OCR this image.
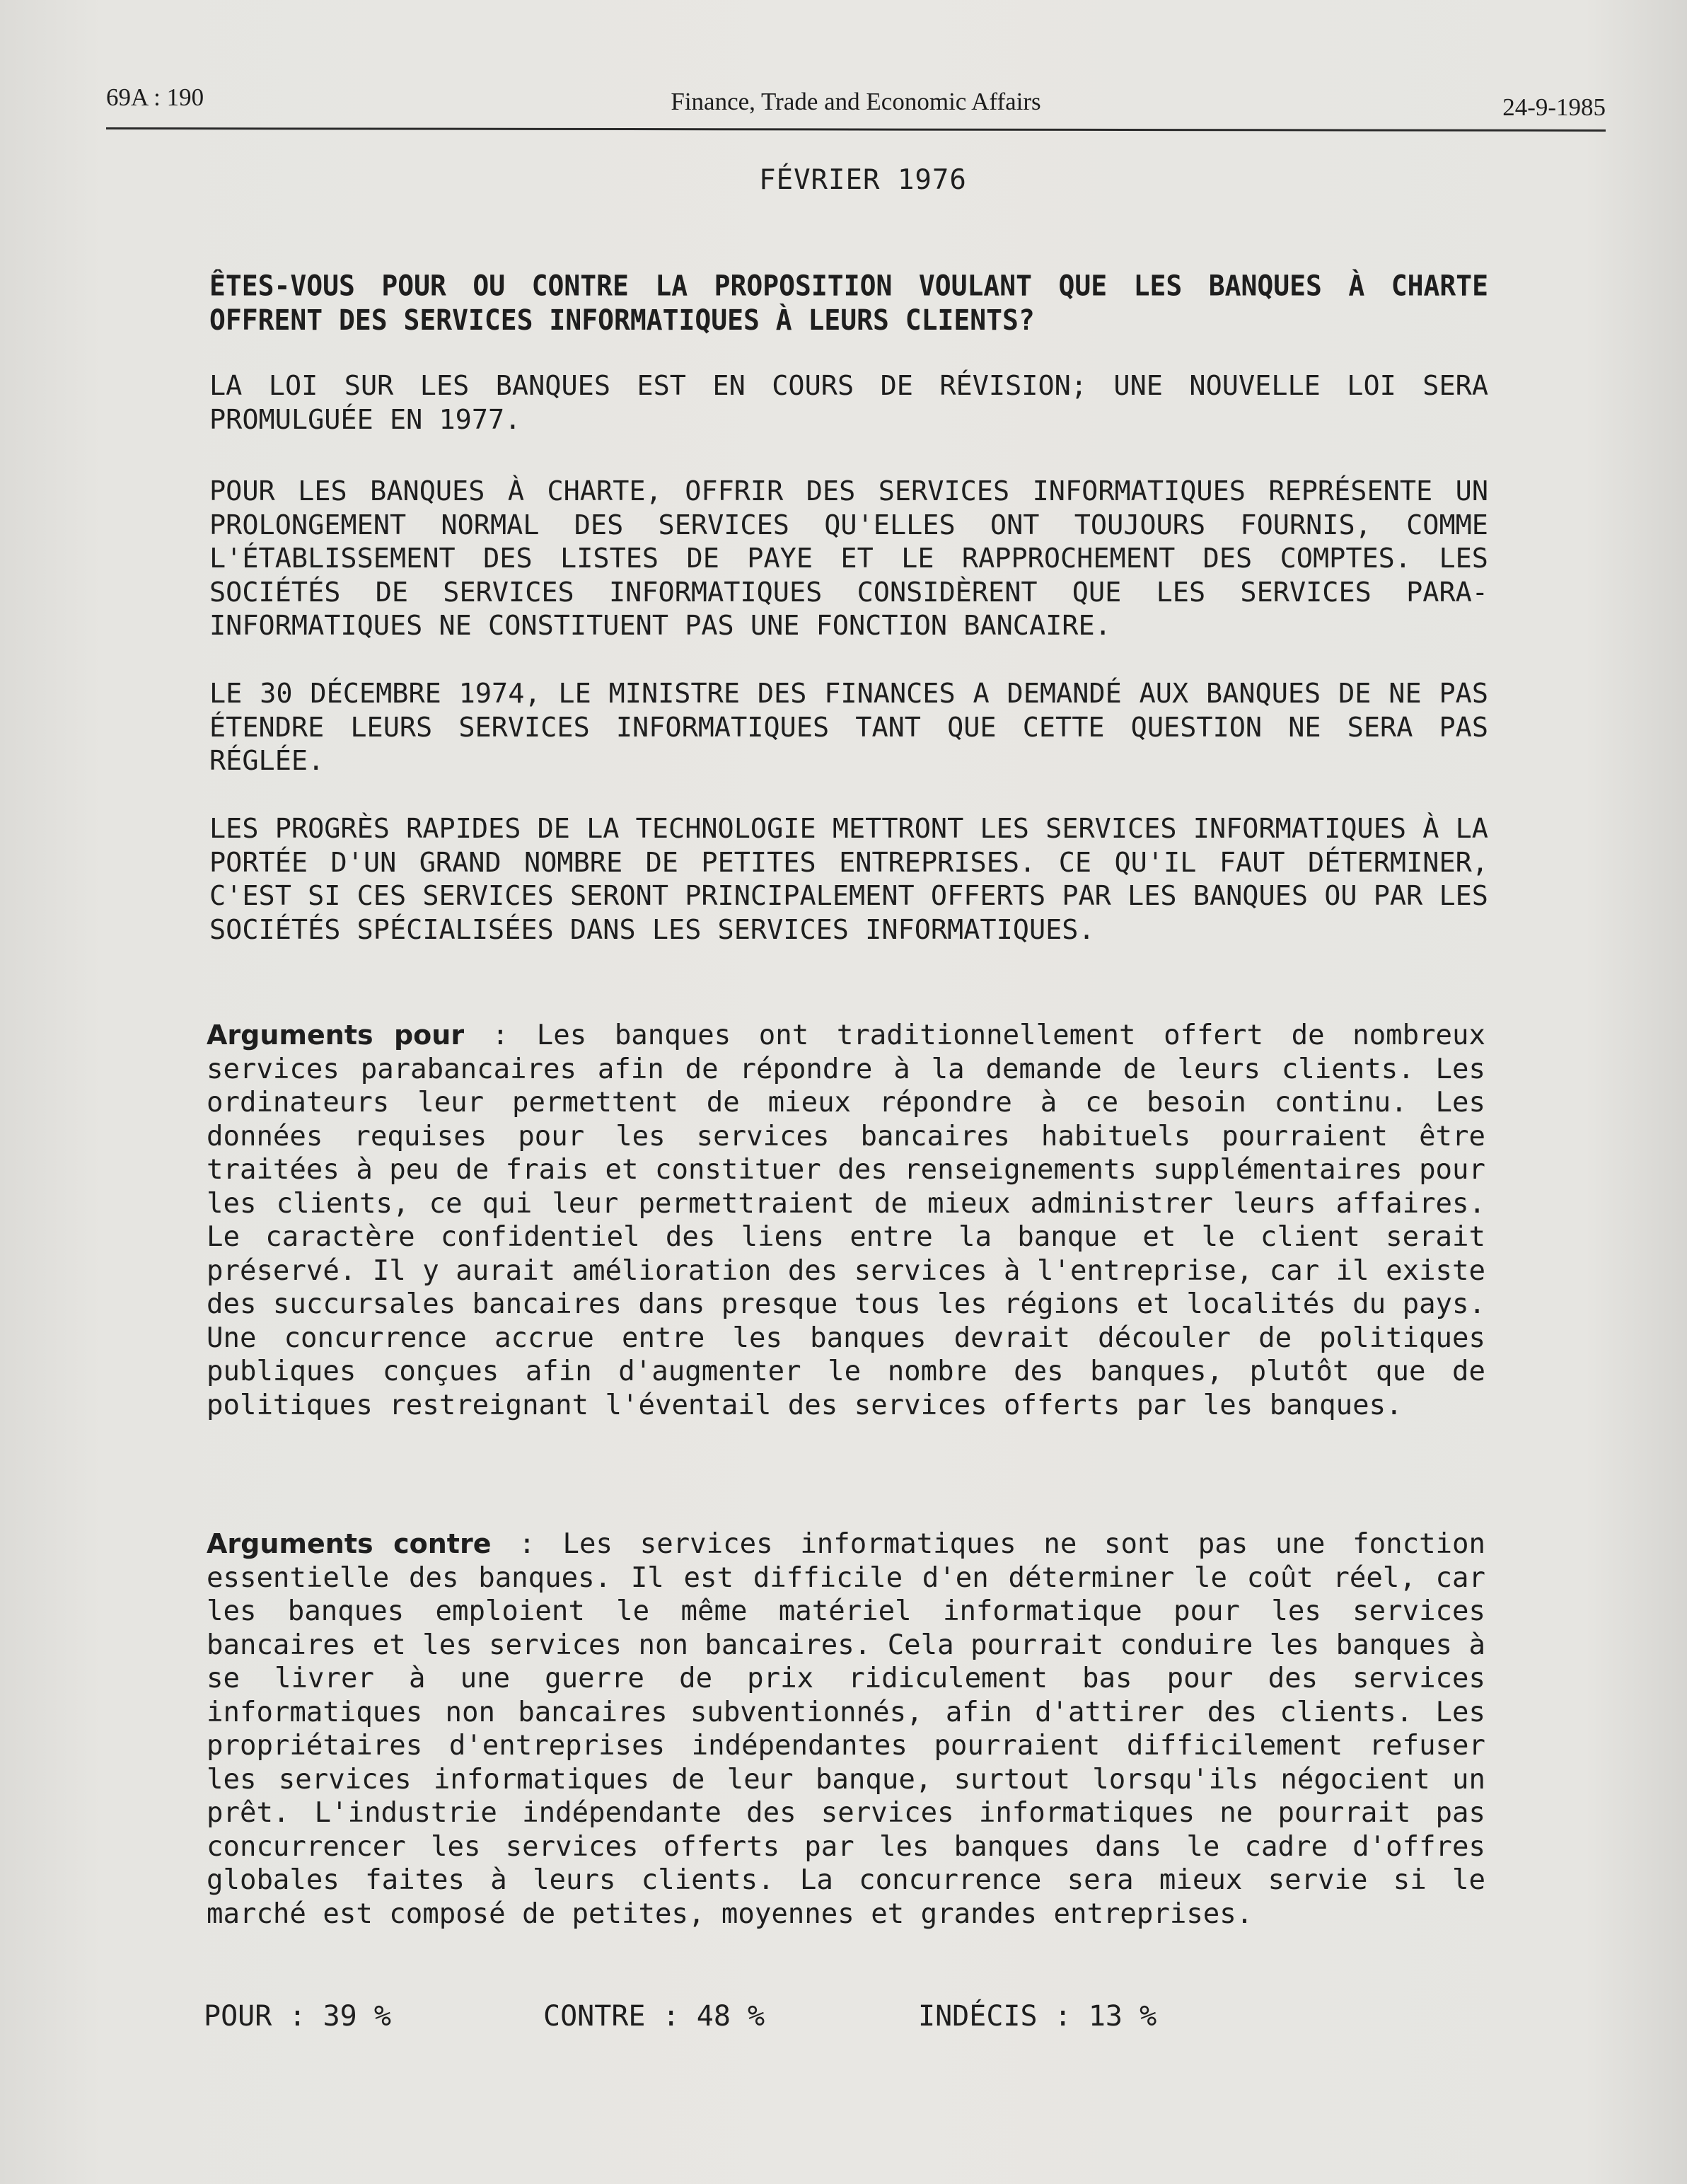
69A : 190	Finance, Trade and Economic Affairs	24-9-1985
FÉVRIER 1976
ÊTES-VOUS POUR OU CONTRE LA PROPOSITION VOULANT QUE LES BANQUES À CHARTE OFFRENT DES SERVICES INFORMATIQUES À LEURS CLIENTS?
LA LOI SUR LES BANQUES EST EN COURS DE RÉVISION; UNE NOUVELLE LOI SERA PROMULGUÉE EN 1977.
POUR LES BANQUES À CHARTE, OFFRIR DES SERVICES INFORMATIQUES REPRÉSENTE UN PROLONGEMENT NORMAL DES SERVICES QU'ELLES ONT TOUJOURS FOURNIS, COMME L'ÉTABLISSEMENT DES LISTES DE PAYE ET LE RAPPROCHEMENT DES COMPTES. LES SOCIÉTÉS DE SERVICES INFORMATIQUES CONSIDÈRENT QUE LES SERVICES PARA-INFORMATIQUES NE CONSTITUENT PAS UNE FONCTION BANCAIRE.
LE 30 DÉCEMBRE 1974, LE MINISTRE DES FINANCES A DEMANDÉ AUX BANQUES DE NE PAS ÉTENDRE LEURS SERVICES INFORMATIQUES TANT QUE CETTE QUESTION NE SERA PAS RÉGLÉE.
LES PROGRÈS RAPIDES DE LA TECHNOLOGIE METTRONT LES SERVICES INFORMATIQUES À LA PORTÉE D'UN GRAND NOMBRE DE PETITES ENTREPRISES. CE QU'IL FAUT DÉTERMINER, C'EST SI CES SERVICES SERONT PRINCIPALEMENT OFFERTS PAR LES BANQUES OU PAR LES SOCIÉTÉS SPÉCIALISÉES DANS LES SERVICES INFORMATIQUES.
Arguments pour : Les banques ont traditionnellement offert de nombreux services parabancaires afin de répondre à la demande de leurs clients. Les ordinateurs leur permettent de mieux répondre à ce besoin continu. Les données requises pour les services bancaires habituels pourraient être traitées à peu de frais et constituer des renseignements supplémentaires pour les clients, ce qui leur permettraient de mieux administrer leurs affaires. Le caractère confidentiel des liens entre la banque et le client serait préservé. Il y aurait amélioration des services à l'entreprise, car il existe des succursales bancaires dans presque tous les régions et localités du pays. Une concurrence accrue entre les banques devrait découler de politiques publiques conçues afin d'augmenter le nombre des banques, plutôt que de politiques restreignant l'éventail des services offerts par les banques.
Arguments contre : Les services informatiques ne sont pas une fonction essentielle des banques. Il est difficile d'en déterminer le coût réel, car les banques emploient le même matériel informatique pour les services bancaires et les services non bancaires. Cela pourrait conduire les banques à se livrer à une guerre de prix ridiculement bas pour des services informatiques non bancaires subventionnés, afin d'attirer des clients. Les propriétaires d'entreprises indépendantes pourraient difficilement refuser les services informatiques de leur banque, surtout lorsqu'ils négocient un prêt. L'industrie indépendante des services informatiques ne pourrait pas concurrencer les services offerts par les banques dans le cadre d'offres globales faites à leurs clients. La concurrence sera mieux servie si le marché est composé de petites, moyennes et grandes entreprises.
POUR : 39 %	CONTRE : 48 %	INDÉCIS : 13 %
